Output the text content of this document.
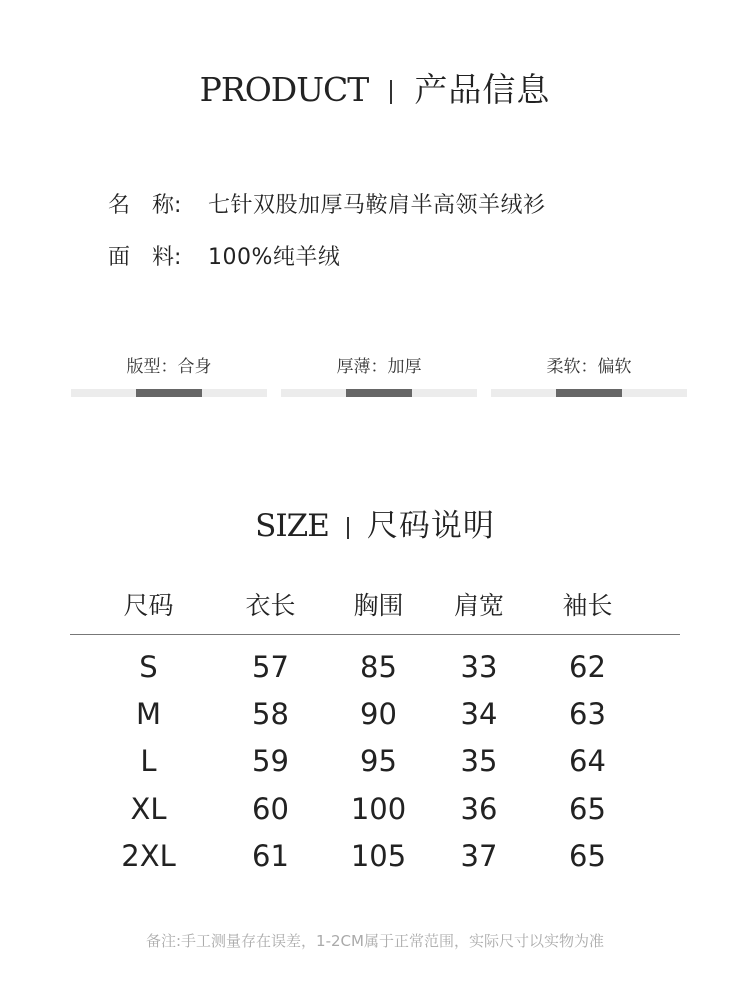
PRODUCT 产品信息
名　称: 七针双股加厚马鞍肩半高领羊绒衫
面　料: 100%纯羊绒
版型：合身	厚薄：加厚	柔软：偏软
SIZE 尺码说明
尺码	衣长	胸围	肩宽	袖长
S	57	85	33	62
M	58	90	34	63
L	59	95	35	64
XL	60	100	36	65
2XL	61	105	37	65
备注:手工测量存在误差，1-2CM属于正常范围，实际尺寸以实物为准
